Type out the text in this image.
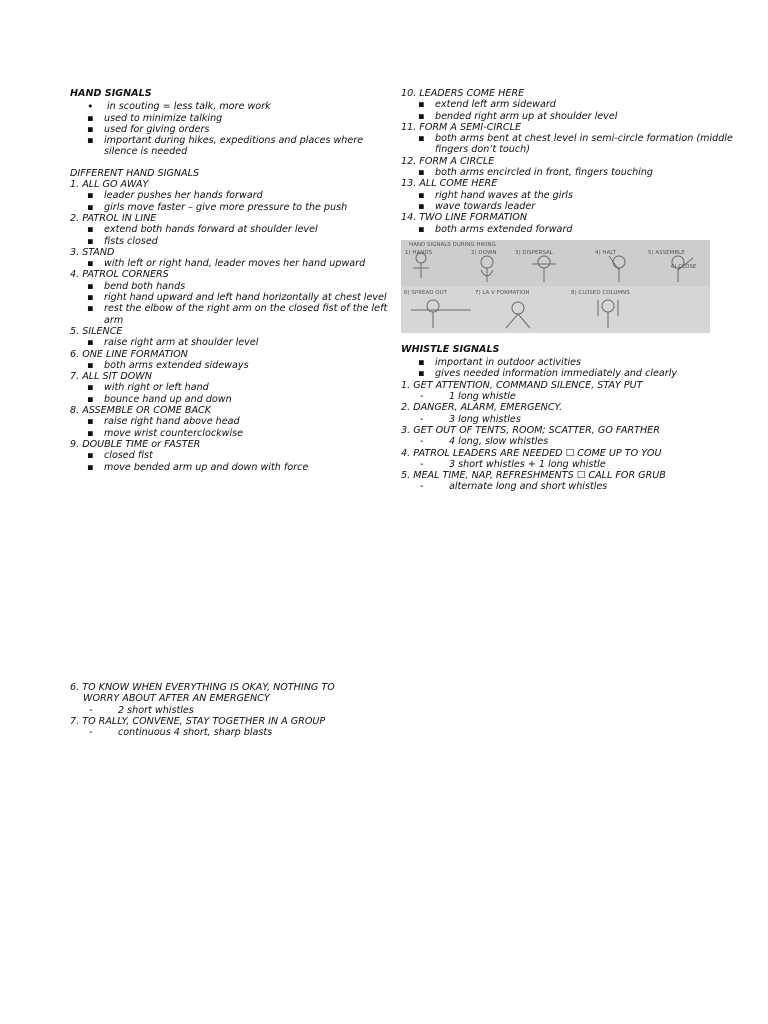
HAND SIGNALS
•	in scouting = less talk, more work
▪ used to minimize talking
▪ used for giving orders
▪ important during hikes, expeditions and places where silence is needed
DIFFERENT HAND SIGNALS
1. ALL GO AWAY
▪ leader pushes her hands forward
▪ girls move faster – give more pressure to the push
2. PATROL IN LINE
▪ extend both hands forward at shoulder level
▪ fists closed
3. STAND
▪ with left or right hand, leader moves her hand upward
4. PATROL CORNERS
▪ bend both hands
▪ right hand upward and left hand horizontally at chest level
▪ rest the elbow of the right arm on the closed fist of the left arm
5. SILENCE
▪ raise right arm at shoulder level
6. ONE LINE FORMATION
▪ both arms extended sideways
7. ALL SIT DOWN
▪ with right or left hand
▪ bounce hand up and down
8. ASSEMBLE OR COME BACK
▪ raise right hand above head
▪ move wrist counterclockwise
9. DOUBLE TIME or FASTER
▪ closed fist
▪ move bended arm up and down with force
10. LEADERS COME HERE
▪ extend left arm sideward
▪ bended right arm up at shoulder level
11. FORM A SEMI-CIRCLE
▪ both arms bent at chest level in semi-circle formation (middle fingers don’t touch)
12. FORM A CIRCLE
▪ both arms encircled in front, fingers touching
13. ALL COME HERE
▪ right hand waves at the girls
▪ wave towards leader
14. TWO LINE FORMATION
▪ both arms extended forward
HAND SIGNALS DURING HIKING
1) HANDS	2) DOWN	3) DISPERSAL	4) HALT	5) ASSEMBLE
6) CLOSE
6) SPREAD OUT	7) LA V FORMATION	8) CLOSED COLUMNS
WHISTLE SIGNALS
▪ important in outdoor activities
▪ gives needed information immediately and clearly
1. GET ATTENTION, COMMAND SILENCE, STAY PUT
-	1 long whistle
2. DANGER, ALARM, EMERGENCY.
-	3 long whistles
3. GET OUT OF TENTS, ROOM; SCATTER, GO FARTHER
-	4 long, slow whistles
4. PATROL LEADERS ARE NEEDED ☐ COME UP TO YOU
-	3 short whistles + 1 long whistle
5. MEAL TIME, NAP, REFRESHMENTS ☐ CALL FOR GRUB
-	alternate long and short whistles
6. TO KNOW WHEN EVERYTHING IS OKAY, NOTHING TO
WORRY ABOUT AFTER AN EMERGENCY
-	2 short whistles
7. TO RALLY, CONVENE, STAY TOGETHER IN A GROUP
-	continuous 4 short, sharp blasts
